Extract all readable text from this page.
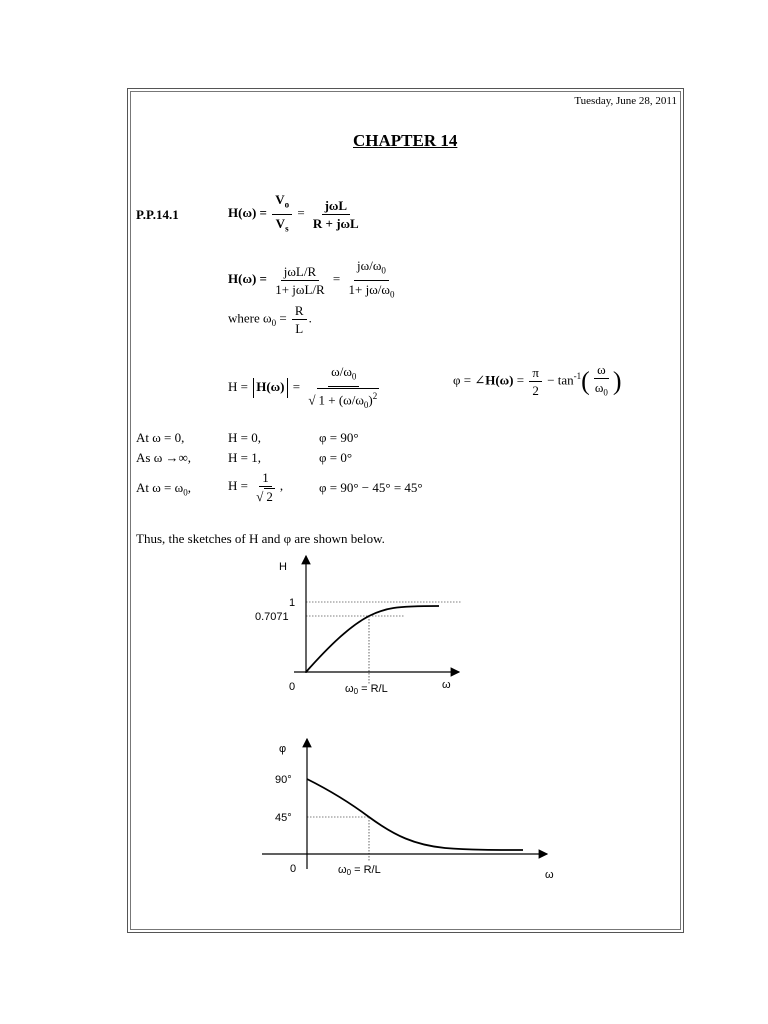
Tuesday, June 28, 2011
CHAPTER 14
P.P.14.1	$H(\omega) = \frac{V_o}{V_s} = \frac{\text{jωL}}{\text{R + jωL}}$
$H(\omega) = \frac{\text{jωL/R}}{\text{1+ jωL/R}} = \frac{j\omega/\omega_0}{1+ j\omega/\omega_0}$
where $\omega_0 = \frac{R}{L}$ .
$H = H(\omega) = \frac{\omega/\omega_0}{√ 1 + (\omega/\omega_0)^2}$	φ = ∠H(ω) = $\frac{\pi}{2} - \tan^{-1}( \frac{\omega}{\omega_0}$ )
At ω = 0,	H = 0,	φ = 90°
As ω →∞,	H = 1,	φ = 0°
At $\omega = \omega_0$,	$H = \frac{1}{√ 2}$ ,	φ = 90° − 45° = 45°
Thus, the sketches of H and φ are shown below.
H
1
0.7071
0	ω0 = R/L	ω
φ
90°
45°
0	ω0 = R/L	ω
